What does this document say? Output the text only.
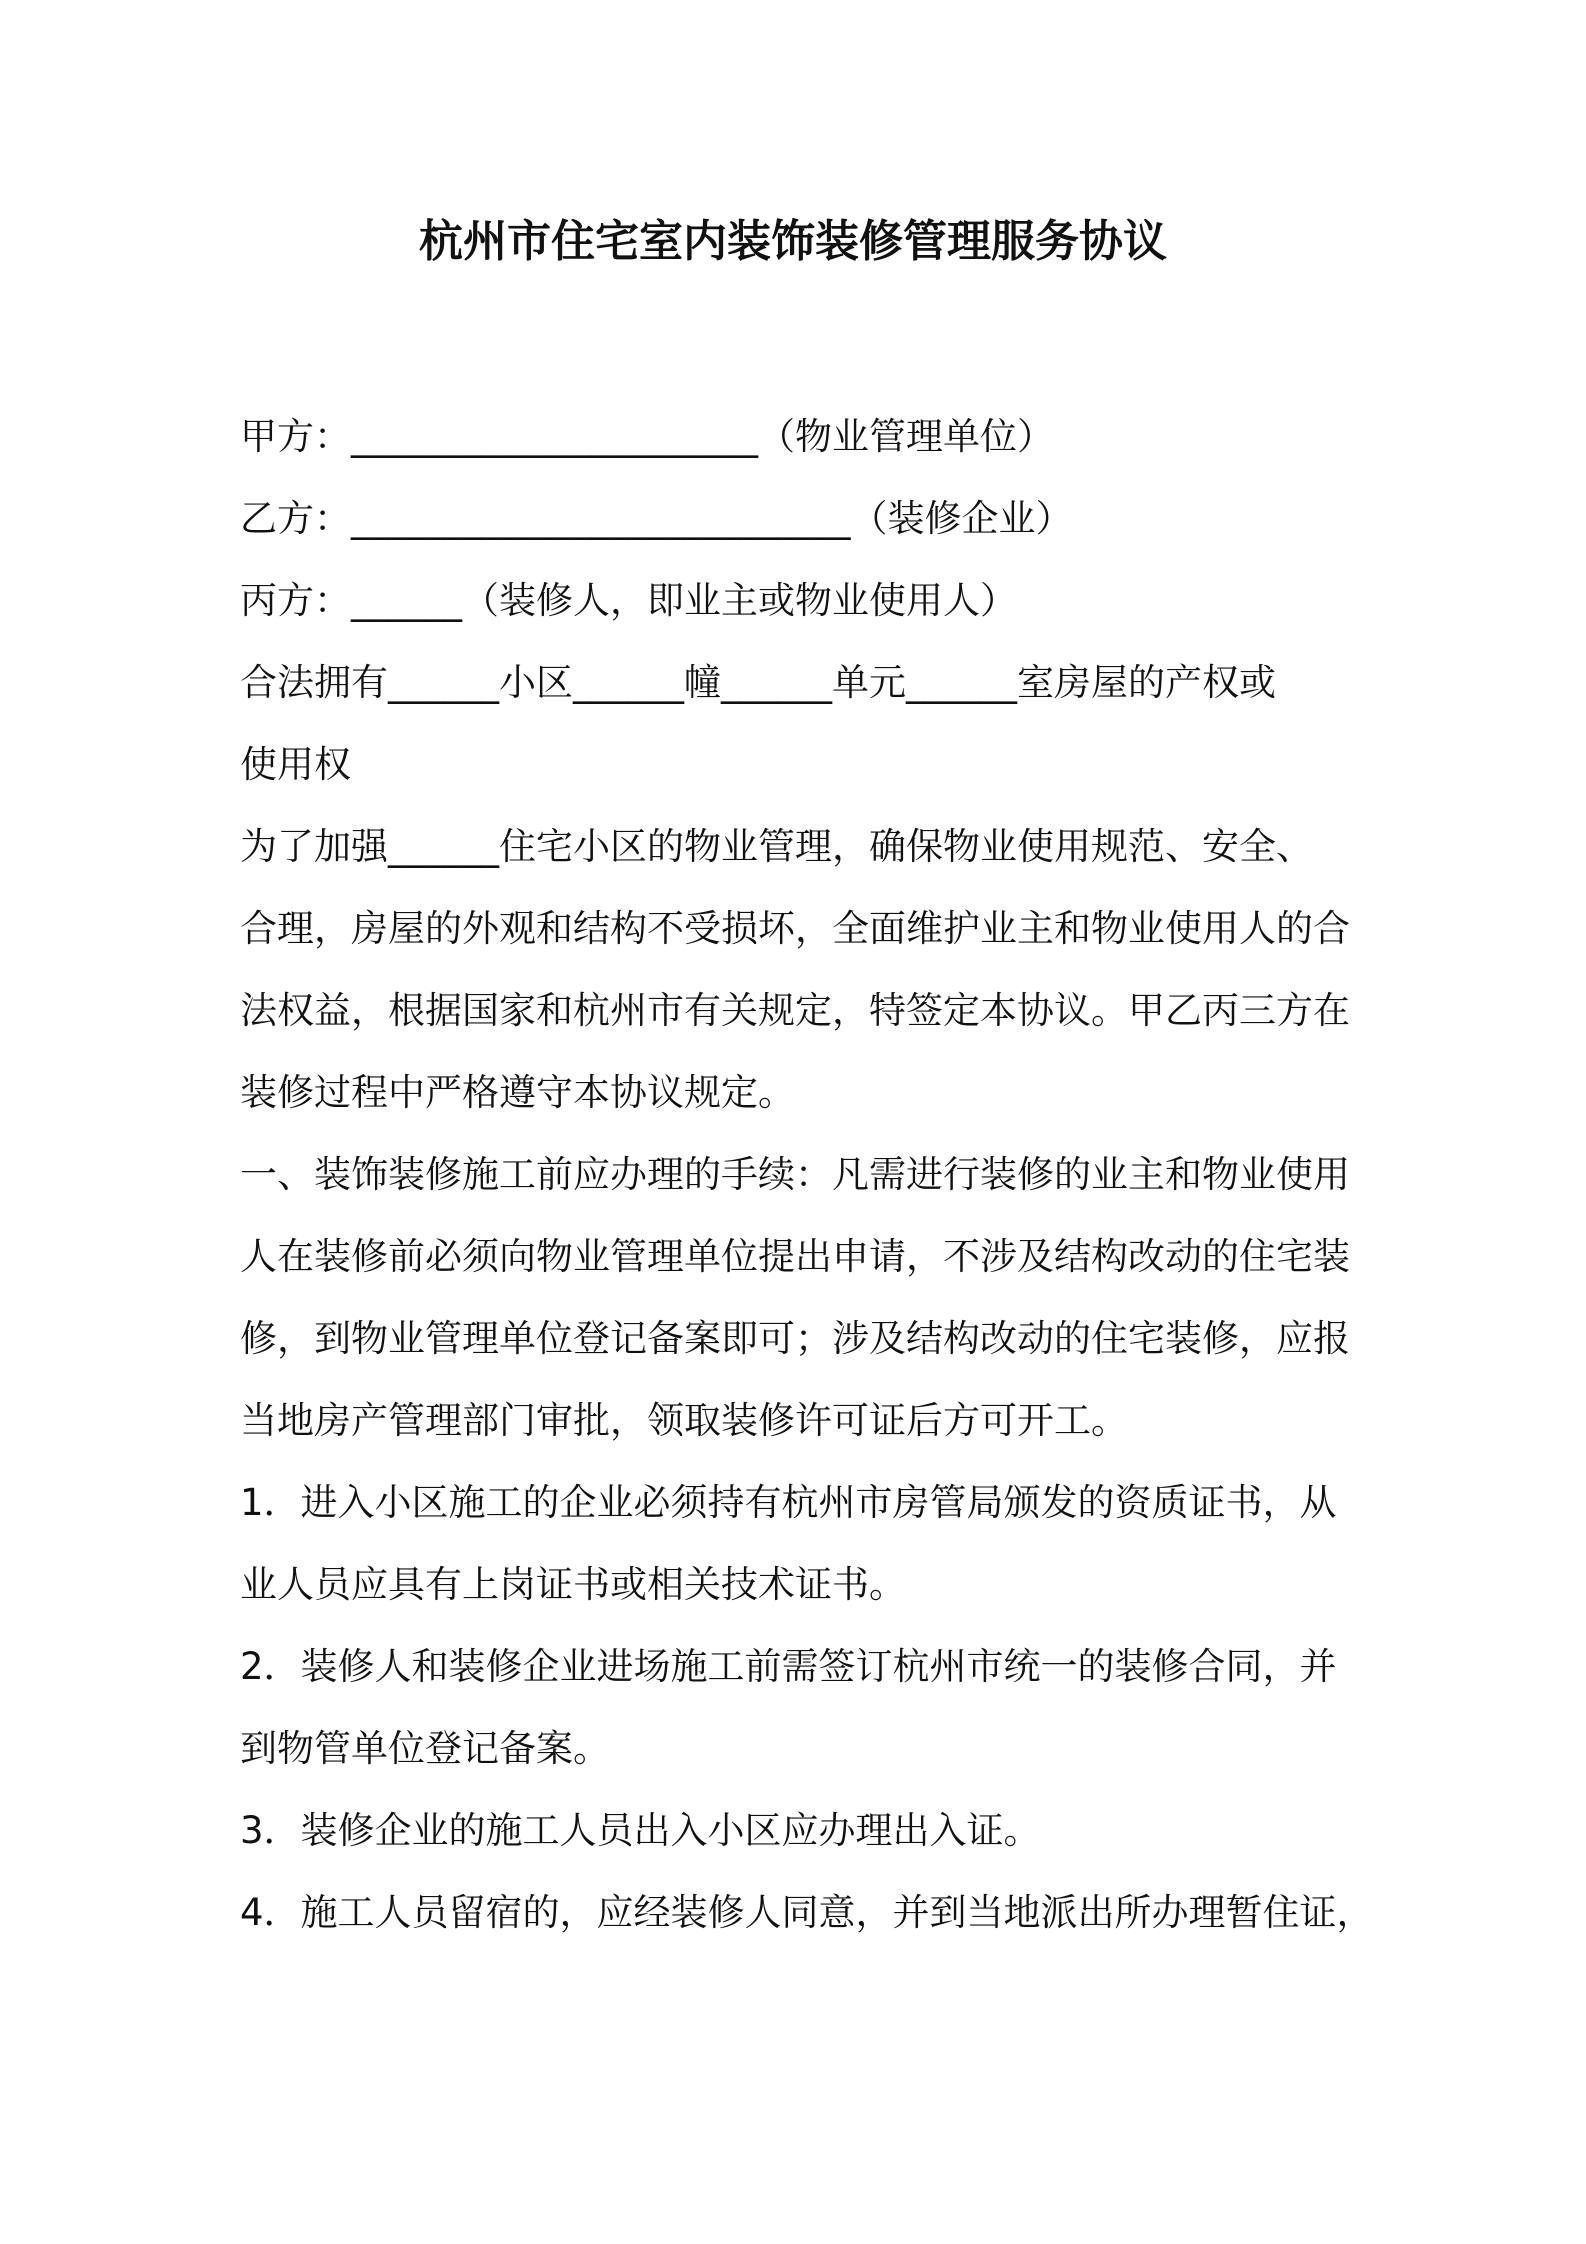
杭州市住宅室内装饰装修管理服务协议
甲方：______________________（物业管理单位）
乙方：___________________________（装修企业）
丙方：______（装修人，即业主或物业使用人）
合法拥有______小区______幢______单元______室房屋的产权或
使用权
为了加强______住宅小区的物业管理，确保物业使用规范、安全、
合理，房屋的外观和结构不受损坏，全面维护业主和物业使用人的合
法权益，根据国家和杭州市有关规定，特签定本协议。甲乙丙三方在
装修过程中严格遵守本协议规定。
一、装饰装修施工前应办理的手续：凡需进行装修的业主和物业使用
人在装修前必须向物业管理单位提出申请，不涉及结构改动的住宅装
修，到物业管理单位登记备案即可；涉及结构改动的住宅装修，应报
当地房产管理部门审批，领取装修许可证后方可开工。
1．进入小区施工的企业必须持有杭州市房管局颁发的资质证书，从
业人员应具有上岗证书或相关技术证书。
2．装修人和装修企业进场施工前需签订杭州市统一的装修合同，并
到物管单位登记备案。
3．装修企业的施工人员出入小区应办理出入证。
4．施工人员留宿的，应经装修人同意，并到当地派出所办理暂住证，
